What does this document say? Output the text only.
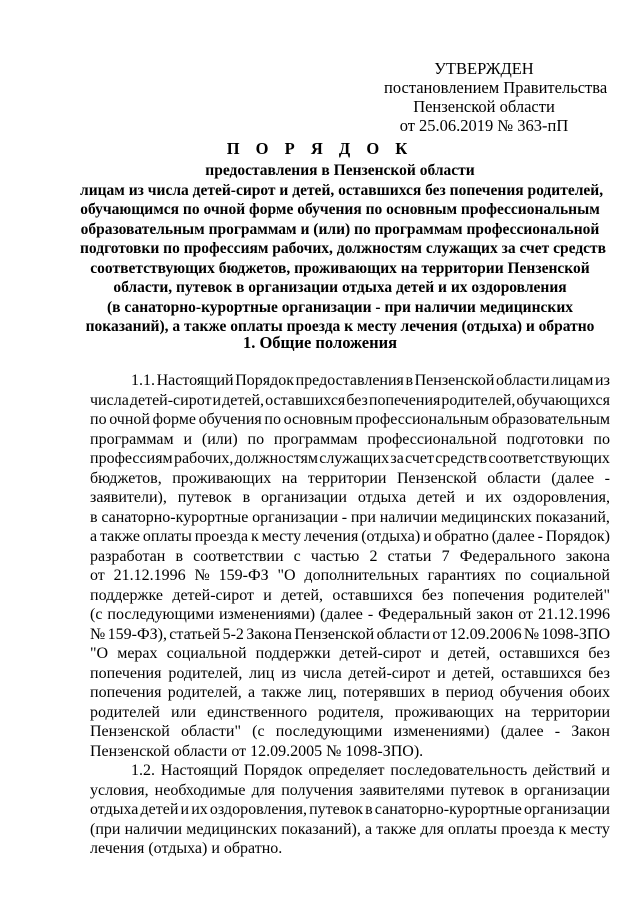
УТВЕРЖДЕН
постановлением Правительства
Пензенской области
от 25.06.2019 № 363-пП
П О Р Я Д О К
предоставления в Пензенской области
лицам из числа детей-сирот и детей, оставшихся без попечения родителей,
обучающимся по очной форме обучения по основным профессиональным
образовательным программам и (или) по программам профессиональной
подготовки по профессиям рабочих, должностям служащих за счет средств
соответствующих бюджетов, проживающих на территории Пензенской
области, путевок в организации отдыха детей и их оздоровления
(в санаторно-курортные организации - при наличии медицинских
показаний), а также оплаты проезда к месту лечения (отдыха) и обратно
1. Общие положения
1.1. Настоящий Порядок предоставления в Пензенской области лицам из
числа детей-сирот и детей, оставшихся без попечения родителей, обучающихся
по очной форме обучения по основным профессиональным образовательным
программам и (или) по программам профессиональной подготовки по
профессиям рабочих, должностям служащих за счет средств соответствующих
бюджетов, проживающих на территории Пензенской области (далее -
заявители), путевок в организации отдыха детей и их оздоровления,
в санаторно-курортные организации - при наличии медицинских показаний,
а также оплаты проезда к месту лечения (отдыха) и обратно (далее - Порядок)
разработан в соответствии с частью 2 статьи 7 Федерального закона
от 21.12.1996 № 159-ФЗ "О дополнительных гарантиях по социальной
поддержке детей-сирот и детей, оставшихся без попечения родителей"
(с последующими изменениями) (далее - Федеральный закон от 21.12.1996
№ 159-ФЗ), статьей 5-2 Закона Пензенской области от 12.09.2006 № 1098-ЗПО
"О мерах социальной поддержки детей-сирот и детей, оставшихся без
попечения родителей, лиц из числа детей-сирот и детей, оставшихся без
попечения родителей, а также лиц, потерявших в период обучения обоих
родителей или единственного родителя, проживающих на территории
Пензенской области" (с последующими изменениями) (далее - Закон
Пензенской области от 12.09.2005 № 1098-ЗПО).
1.2. Настоящий Порядок определяет последовательность действий и
условия, необходимые для получения заявителями путевок в организации
отдыха детей и их оздоровления, путевок в санаторно-курортные организации
(при наличии медицинских показаний), а также для оплаты проезда к месту
лечения (отдыха) и обратно.
